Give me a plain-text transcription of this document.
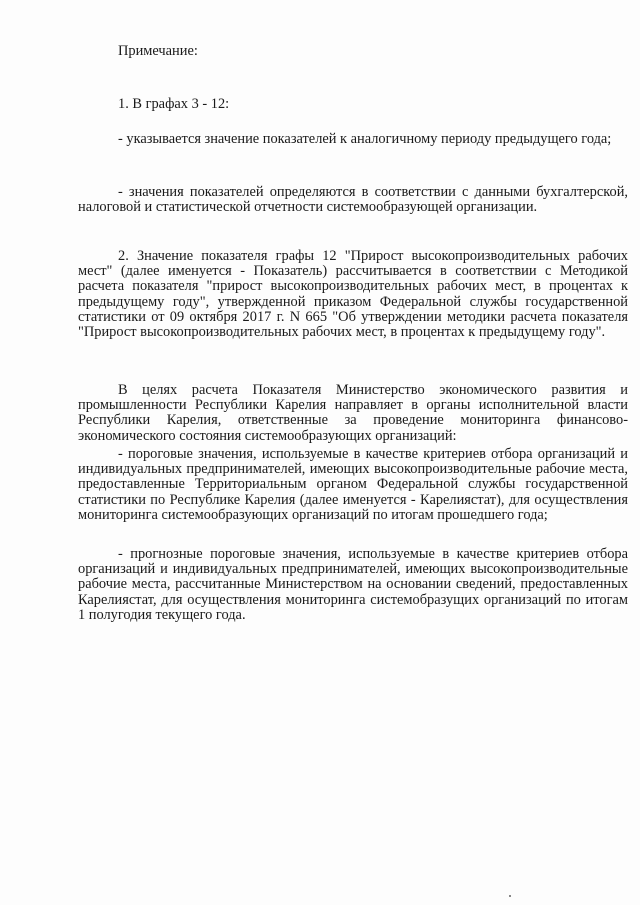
Примечание:

1. В графах 3 - 12:

- указывается значение показателей к аналогичному периоду предыдущего года;

- значения показателей определяются в соответствии с данными бухгалтерской, налоговой и статистической отчетности системообразующей организации.

2. Значение показателя графы 12 "Прирост высокопроизводительных рабочих мест" (далее именуется - Показатель) рассчитывается в соответствии с Методикой расчета показателя "прирост высокопроизводительных рабочих мест, в процентах к предыдущему году", утвержденной приказом Федеральной службы государственной статистики от 09 октября 2017 г. N 665 "Об утверждении методики расчета показателя "Прирост высокопроизводительных рабочих мест, в процентах к предыдущему году".

В целях расчета Показателя Министерство экономического развития и промышленности Республики Карелия направляет в органы исполнительной власти Республики Карелия, ответственные за проведение мониторинга финансово-экономического состояния системообразующих организаций:

- пороговые значения, используемые в качестве критериев отбора организаций и индивидуальных предпринимателей, имеющих высокопроизводительные рабочие места, предоставленные Территориальным органом Федеральной службы государственной статистики по Республике Карелия (далее именуется - Карелиястат), для осуществления мониторинга системообразующих организаций по итогам прошедшего года;

- прогнозные пороговые значения, используемые в качестве критериев отбора организаций и индивидуальных предпринимателей, имеющих высокопроизводительные рабочие места, рассчитанные Министерством на основании сведений, предоставленных Карелиястат, для осуществления мониторинга системобразущих организаций по итогам 1 полугодия текущего года.
